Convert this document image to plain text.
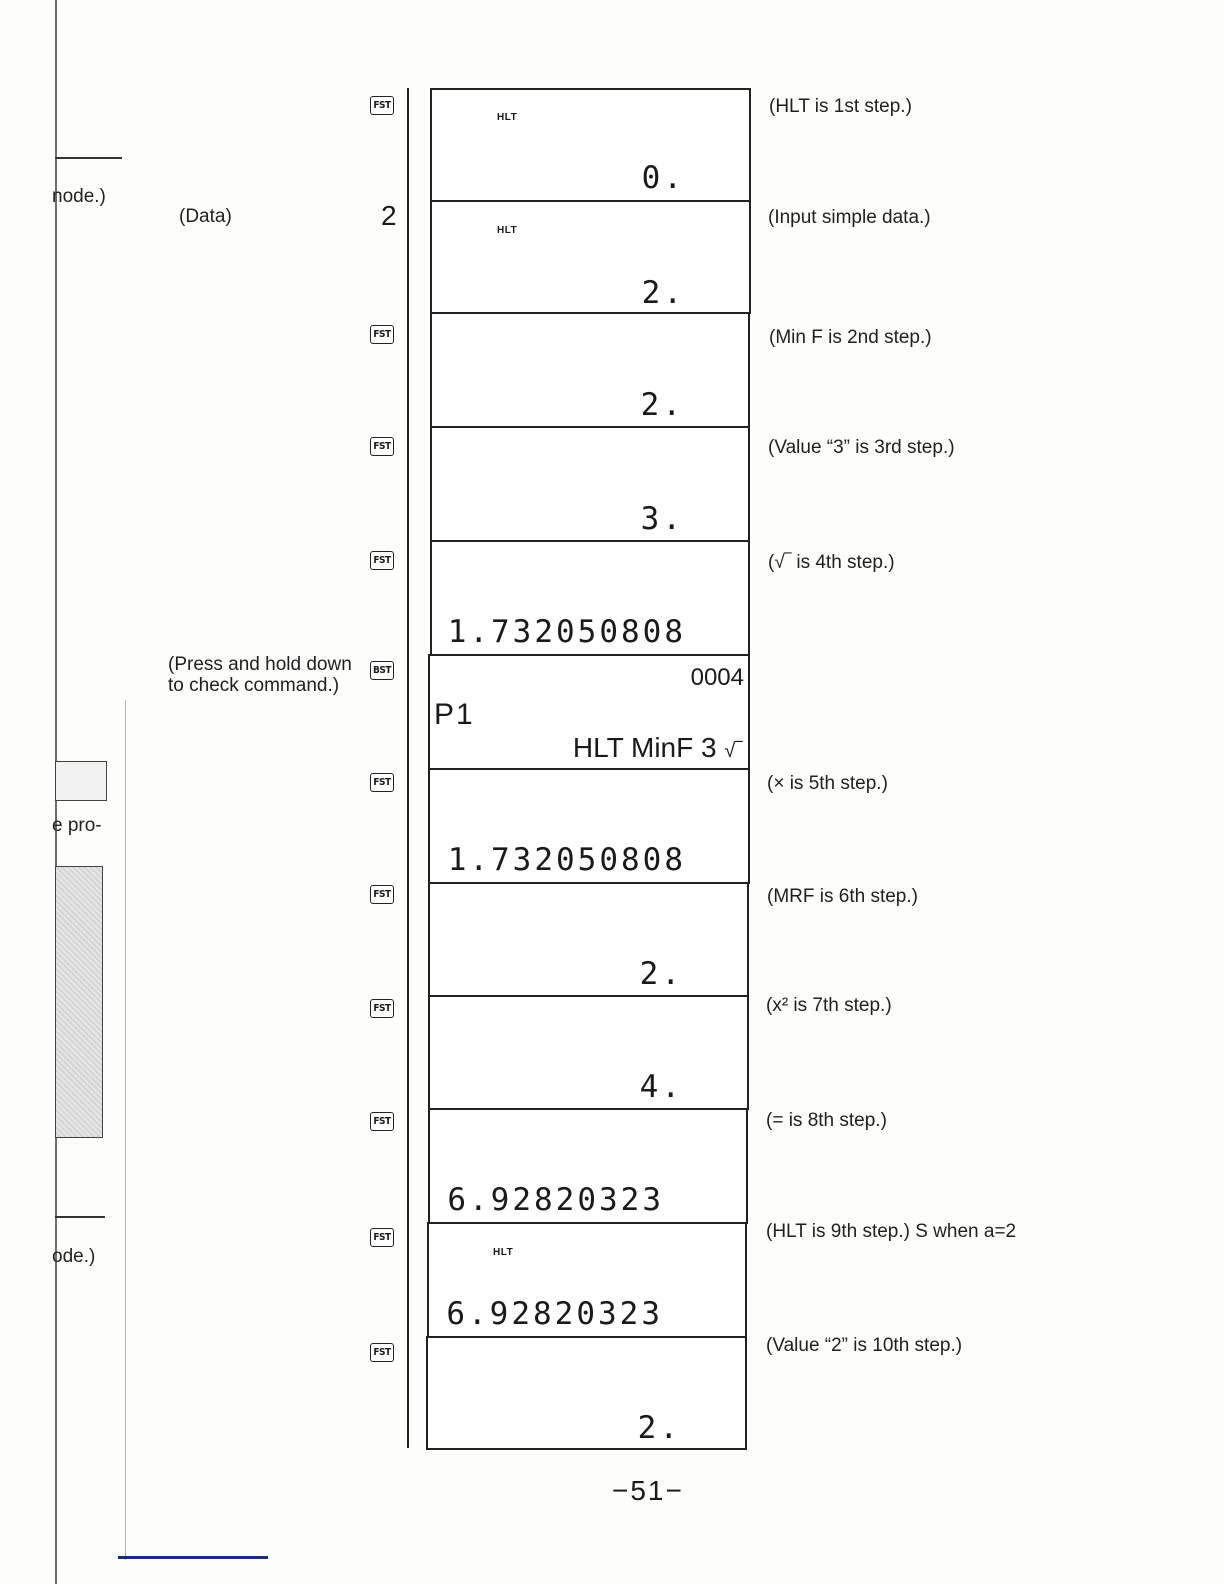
node.)
e pro-
ode.)
(Data)	2
(Press and hold down
to check command.)
FST
FST
FST
FST
BST
FST
FST
FST
FST
FST
FST
HLT
0.
HLT
2.
2.
3.
1.732050808
0004
P1
HLT MinF 3 √‾
1.732050808
2.
4.
6.92820323
HLT
6.92820323
2.
(HLT is 1st step.)
(Input simple data.)
(Min F is 2nd step.)
(Value “3” is 3rd step.)
(√‾ is 4th step.)
(× is 5th step.)
(MRF is 6th step.)
(x² is 7th step.)
(= is 8th step.)
(HLT is 9th step.) S when a=2
(Value “2” is 10th step.)
−51−
